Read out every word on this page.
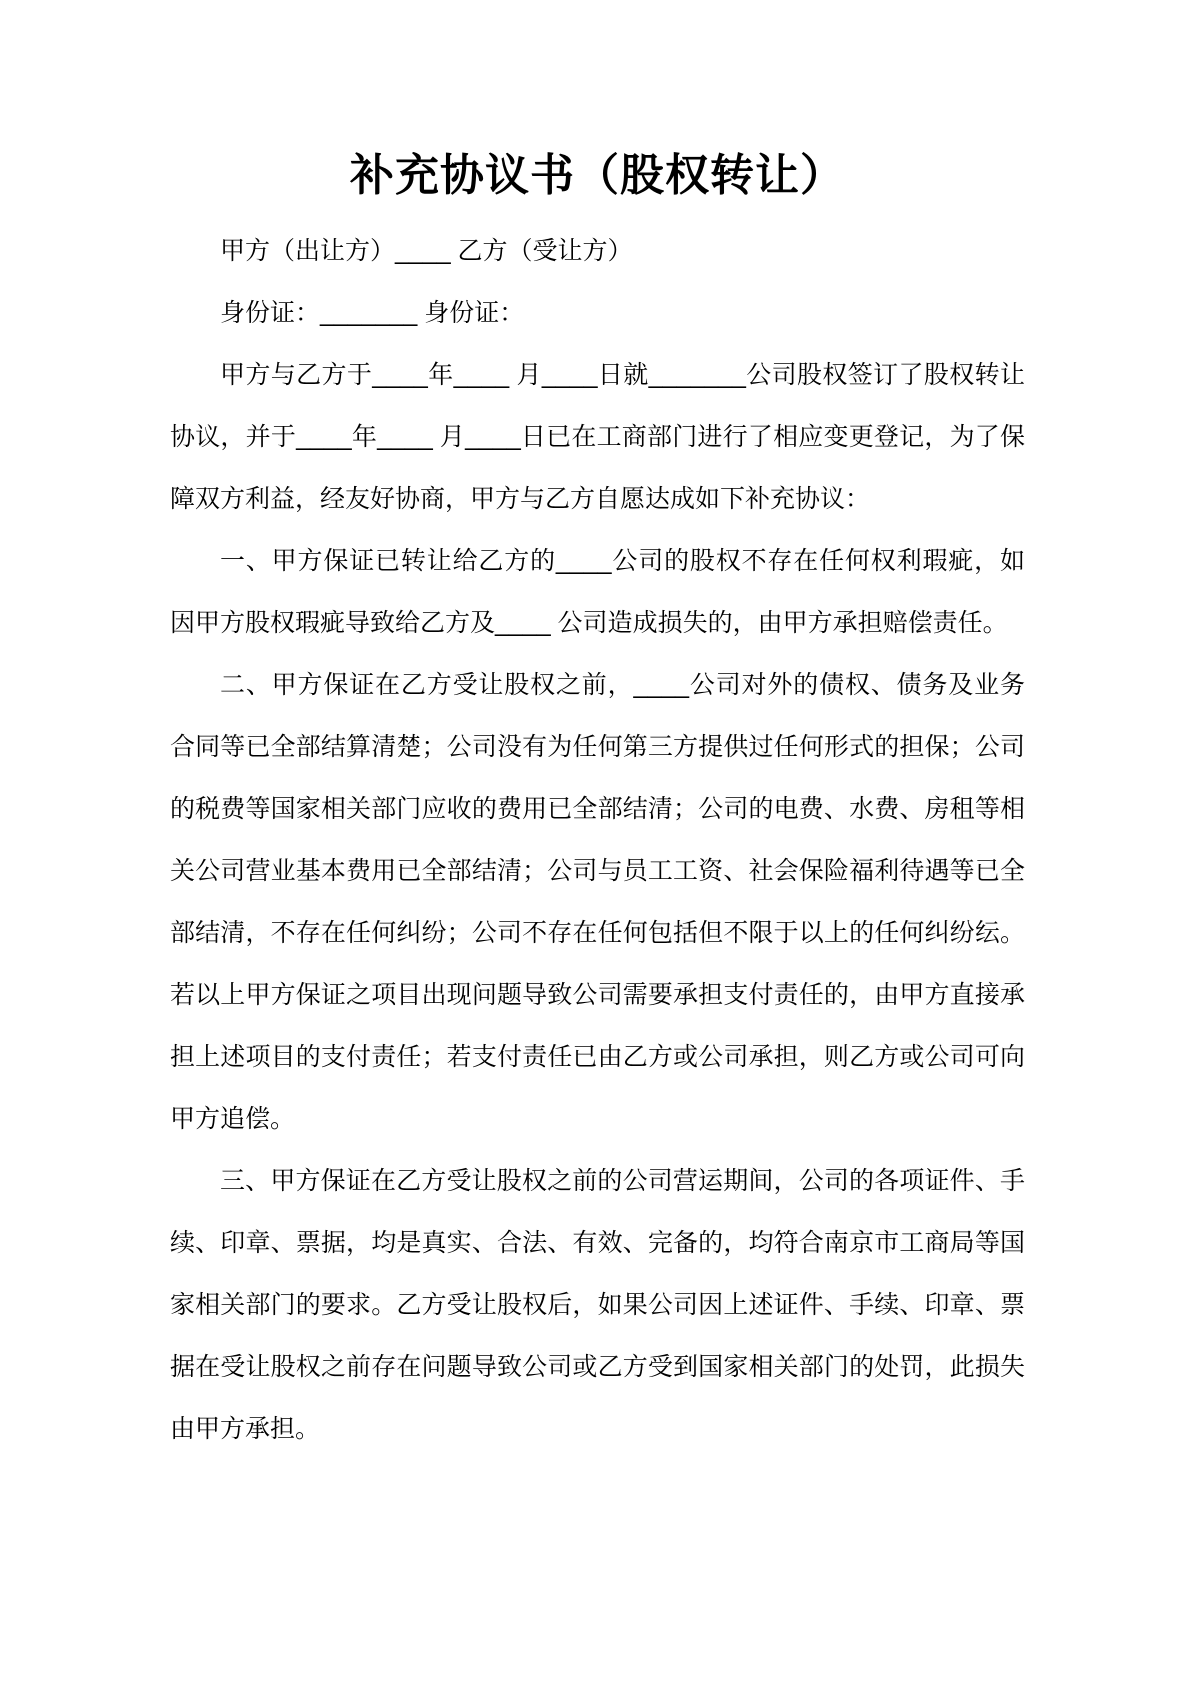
补充协议书（股权转让）

甲方（出让方）____ 乙方（受让方）

身份证：_______ 身份证：

甲方与乙方于____年____ 月____日就_______公司股权签订了股权转让协议，并于____年____ 月____日已在工商部门进行了相应变更登记，为了保障双方利益，经友好协商，甲方与乙方自愿达成如下补充协议：

一、甲方保证已转让给乙方的____公司的股权不存在任何权利瑕疵，如因甲方股权瑕疵导致给乙方及____ 公司造成损失的，由甲方承担赔偿责任。

二、甲方保证在乙方受让股权之前，____公司对外的债权、债务及业务合同等已全部结算清楚；公司没有为任何第三方提供过任何形式的担保；公司的税费等国家相关部门应收的费用已全部结清；公司的电费、水费、房租等相关公司营业基本费用已全部结清；公司与员工工资、社会保险福利待遇等已全部结清，不存在任何纠纷；公司不存在任何包括但不限于以上的任何纠纷纭。若以上甲方保证之项目出现问题导致公司需要承担支付责任的，由甲方直接承担上述项目的支付责任；若支付责任已由乙方或公司承担，则乙方或公司可向甲方追偿。

三、甲方保证在乙方受让股权之前的公司营运期间，公司的各项证件、手续、印章、票据，均是真实、合法、有效、完备的，均符合南京市工商局等国家相关部门的要求。乙方受让股权后，如果公司因上述证件、手续、印章、票据在受让股权之前存在问题导致公司或乙方受到国家相关部门的处罚，此损失由甲方承担。
